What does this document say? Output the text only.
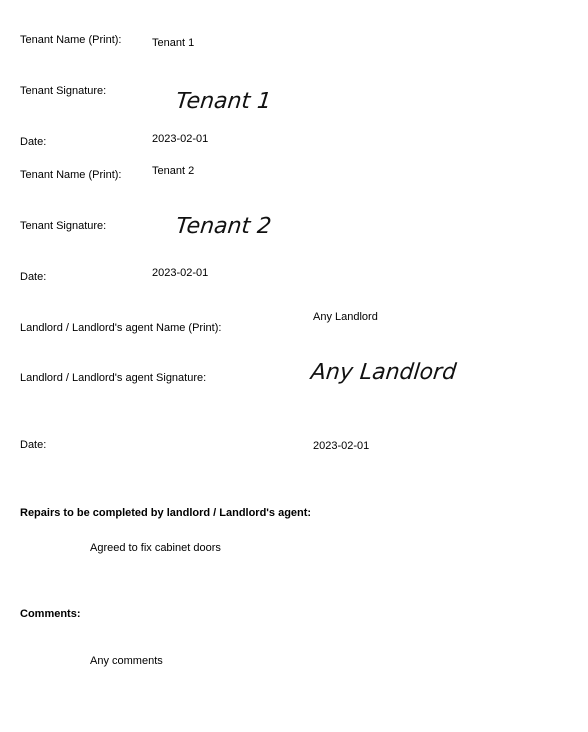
Tenant Name (Print):	Tenant 1
Tenant Signature:	Tenant 1
Date:	2023-02-01
Tenant Name (Print):	Tenant 2
Tenant Signature:	Tenant 2
Date:	2023-02-01
Landlord / Landlord's agent Name (Print):
Any Landlord
Landlord / Landlord's agent Signature:	Any Landlord
Date:	2023-02-01
Repairs to be completed by landlord / Landlord's agent:
Agreed to fix cabinet doors
Comments:
Any comments
